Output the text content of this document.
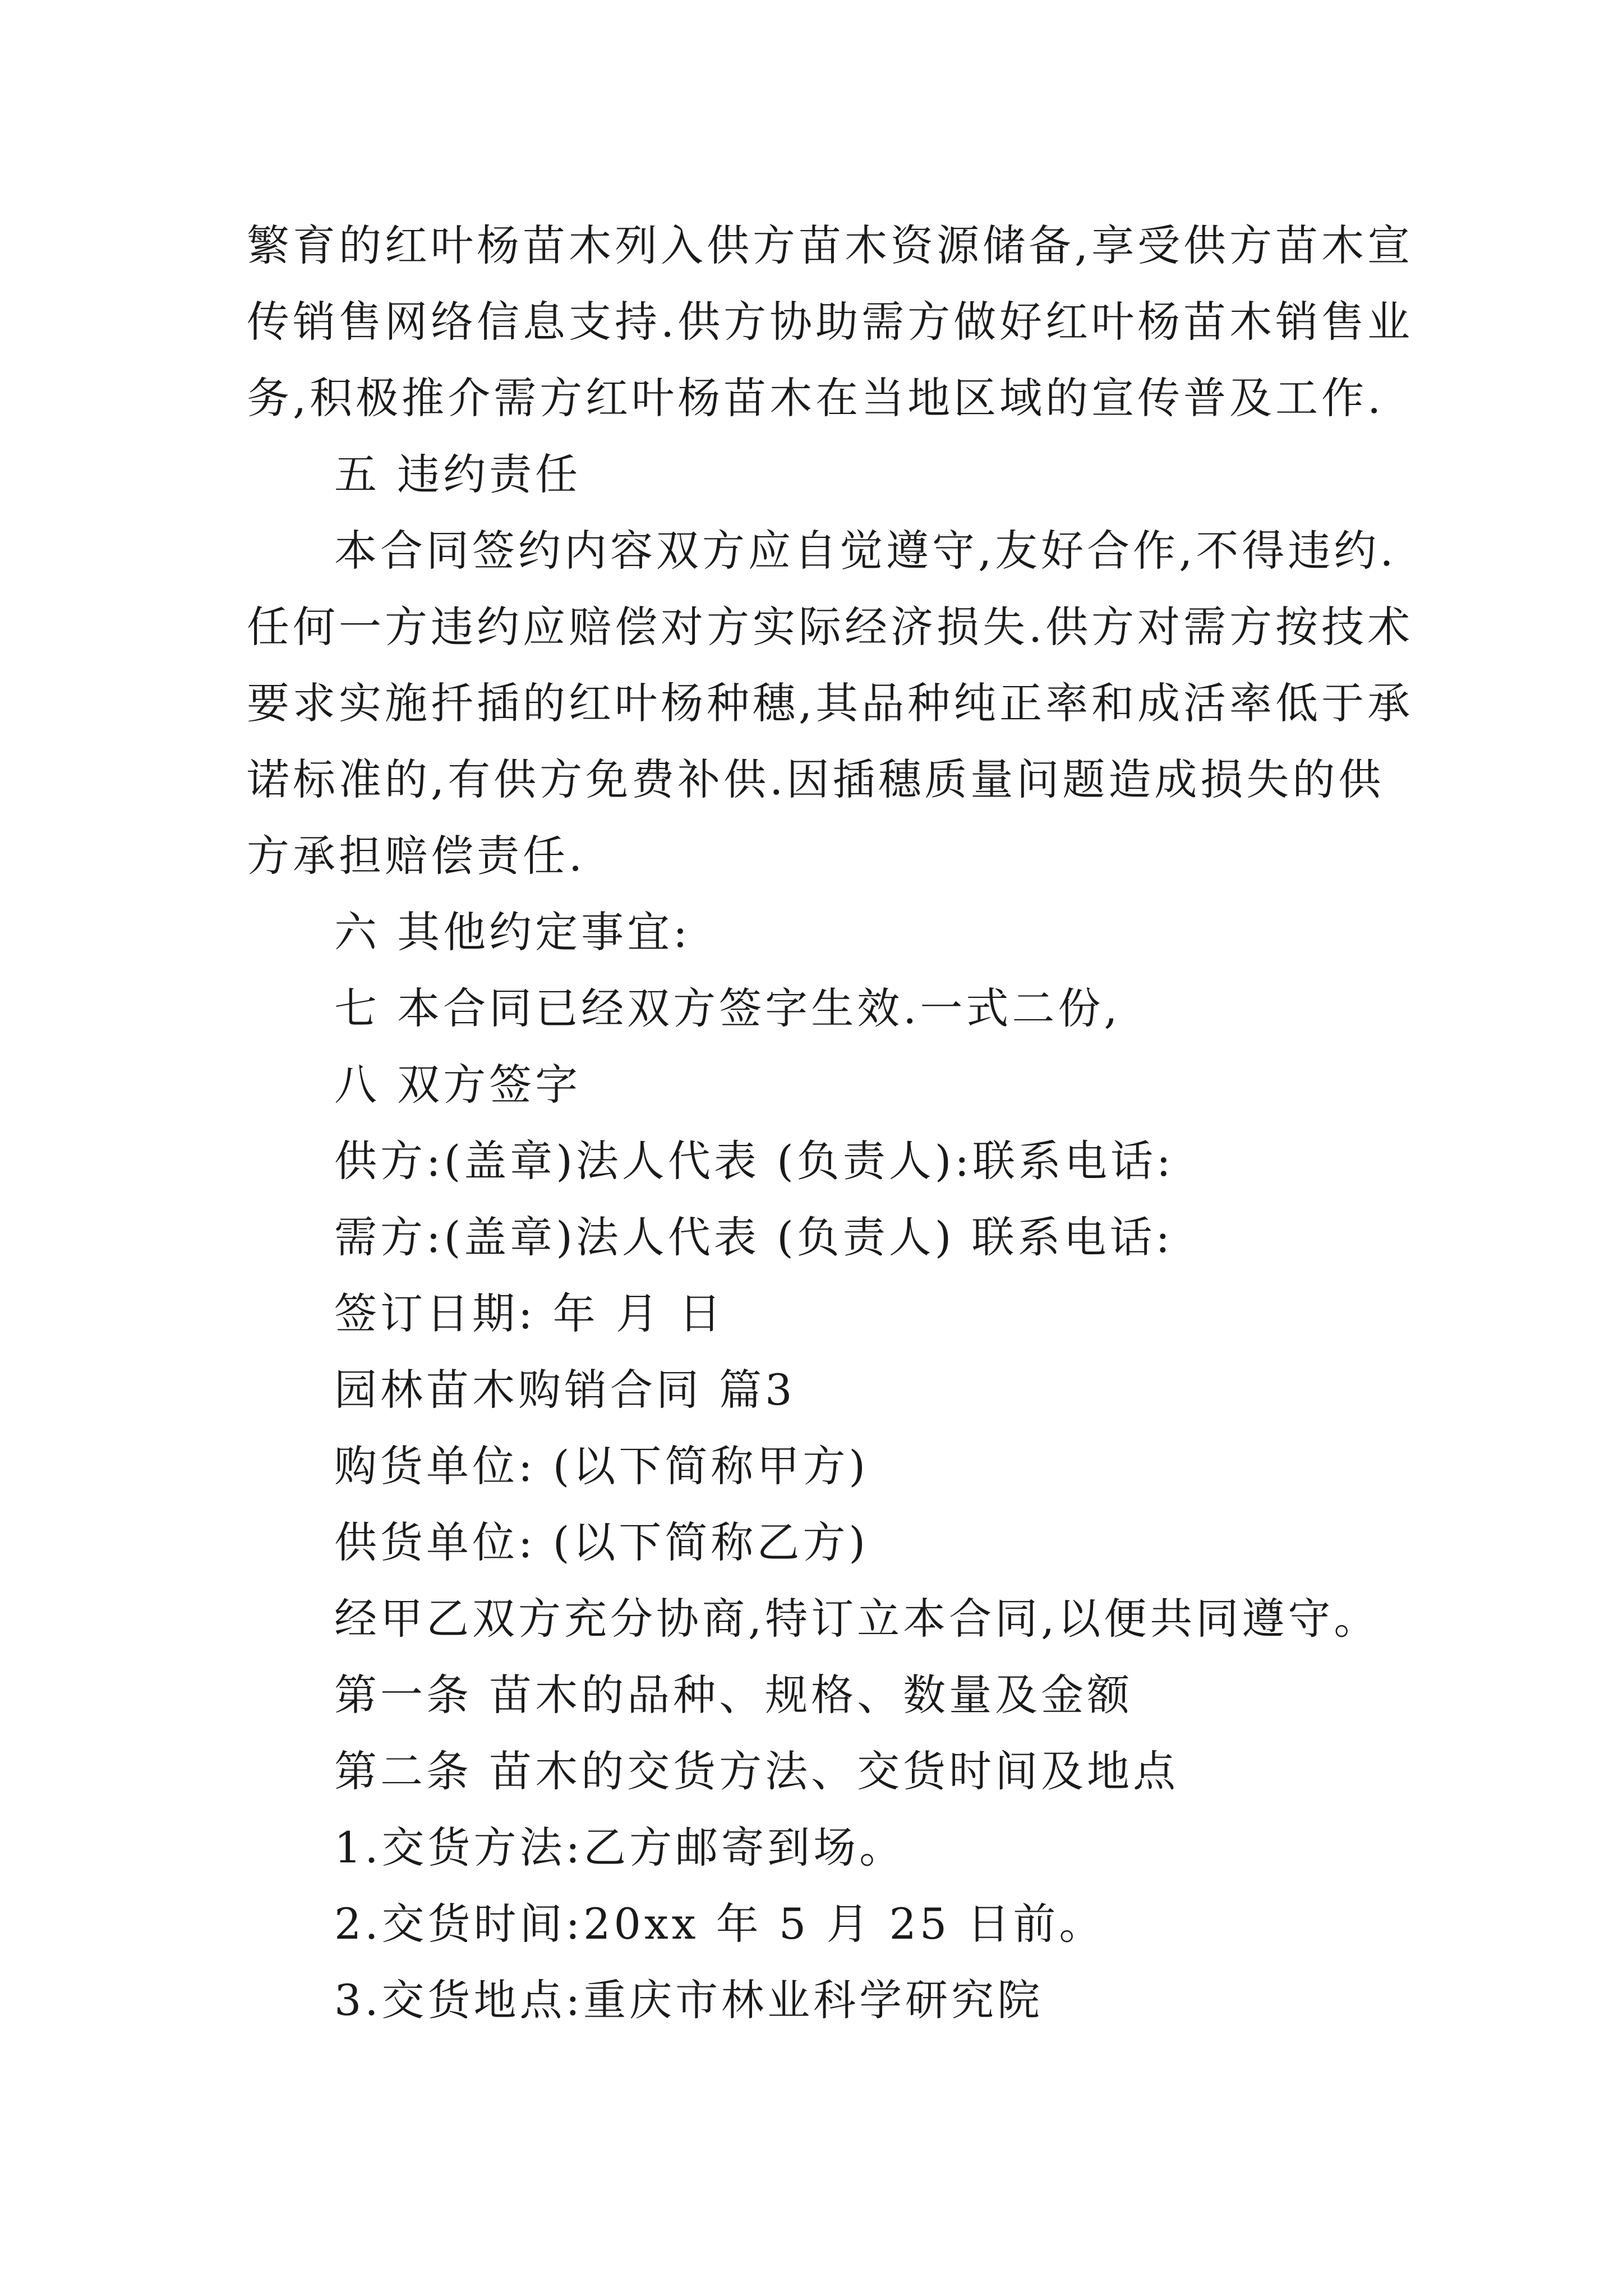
繁育的红叶杨苗木列入供方苗木资源储备,享受供方苗木宣
传销售网络信息支持.供方协助需方做好红叶杨苗木销售业
务,积极推介需方红叶杨苗木在当地区域的宣传普及工作.
五 违约责任
本合同签约内容双方应自觉遵守,友好合作,不得违约.
任何一方违约应赔偿对方实际经济损失.供方对需方按技术
要求实施扦插的红叶杨种穗,其品种纯正率和成活率低于承
诺标准的,有供方免费补供.因插穗质量问题造成损失的供
方承担赔偿责任.
六 其他约定事宜:
七 本合同已经双方签字生效.一式二份,
八 双方签字
供方:(盖章)法人代表 (负责人):联系电话:
需方:(盖章)法人代表 (负责人) 联系电话:
签订日期: 年 月 日
园林苗木购销合同 篇3
购货单位: (以下简称甲方)
供货单位: (以下简称乙方)
经甲乙双方充分协商,特订立本合同,以便共同遵守。
第一条 苗木的品种、规格、数量及金额
第二条 苗木的交货方法、交货时间及地点
1.交货方法:乙方邮寄到场。
2.交货时间:20xx 年 5 月 25 日前。
3.交货地点:重庆市林业科学研究院
